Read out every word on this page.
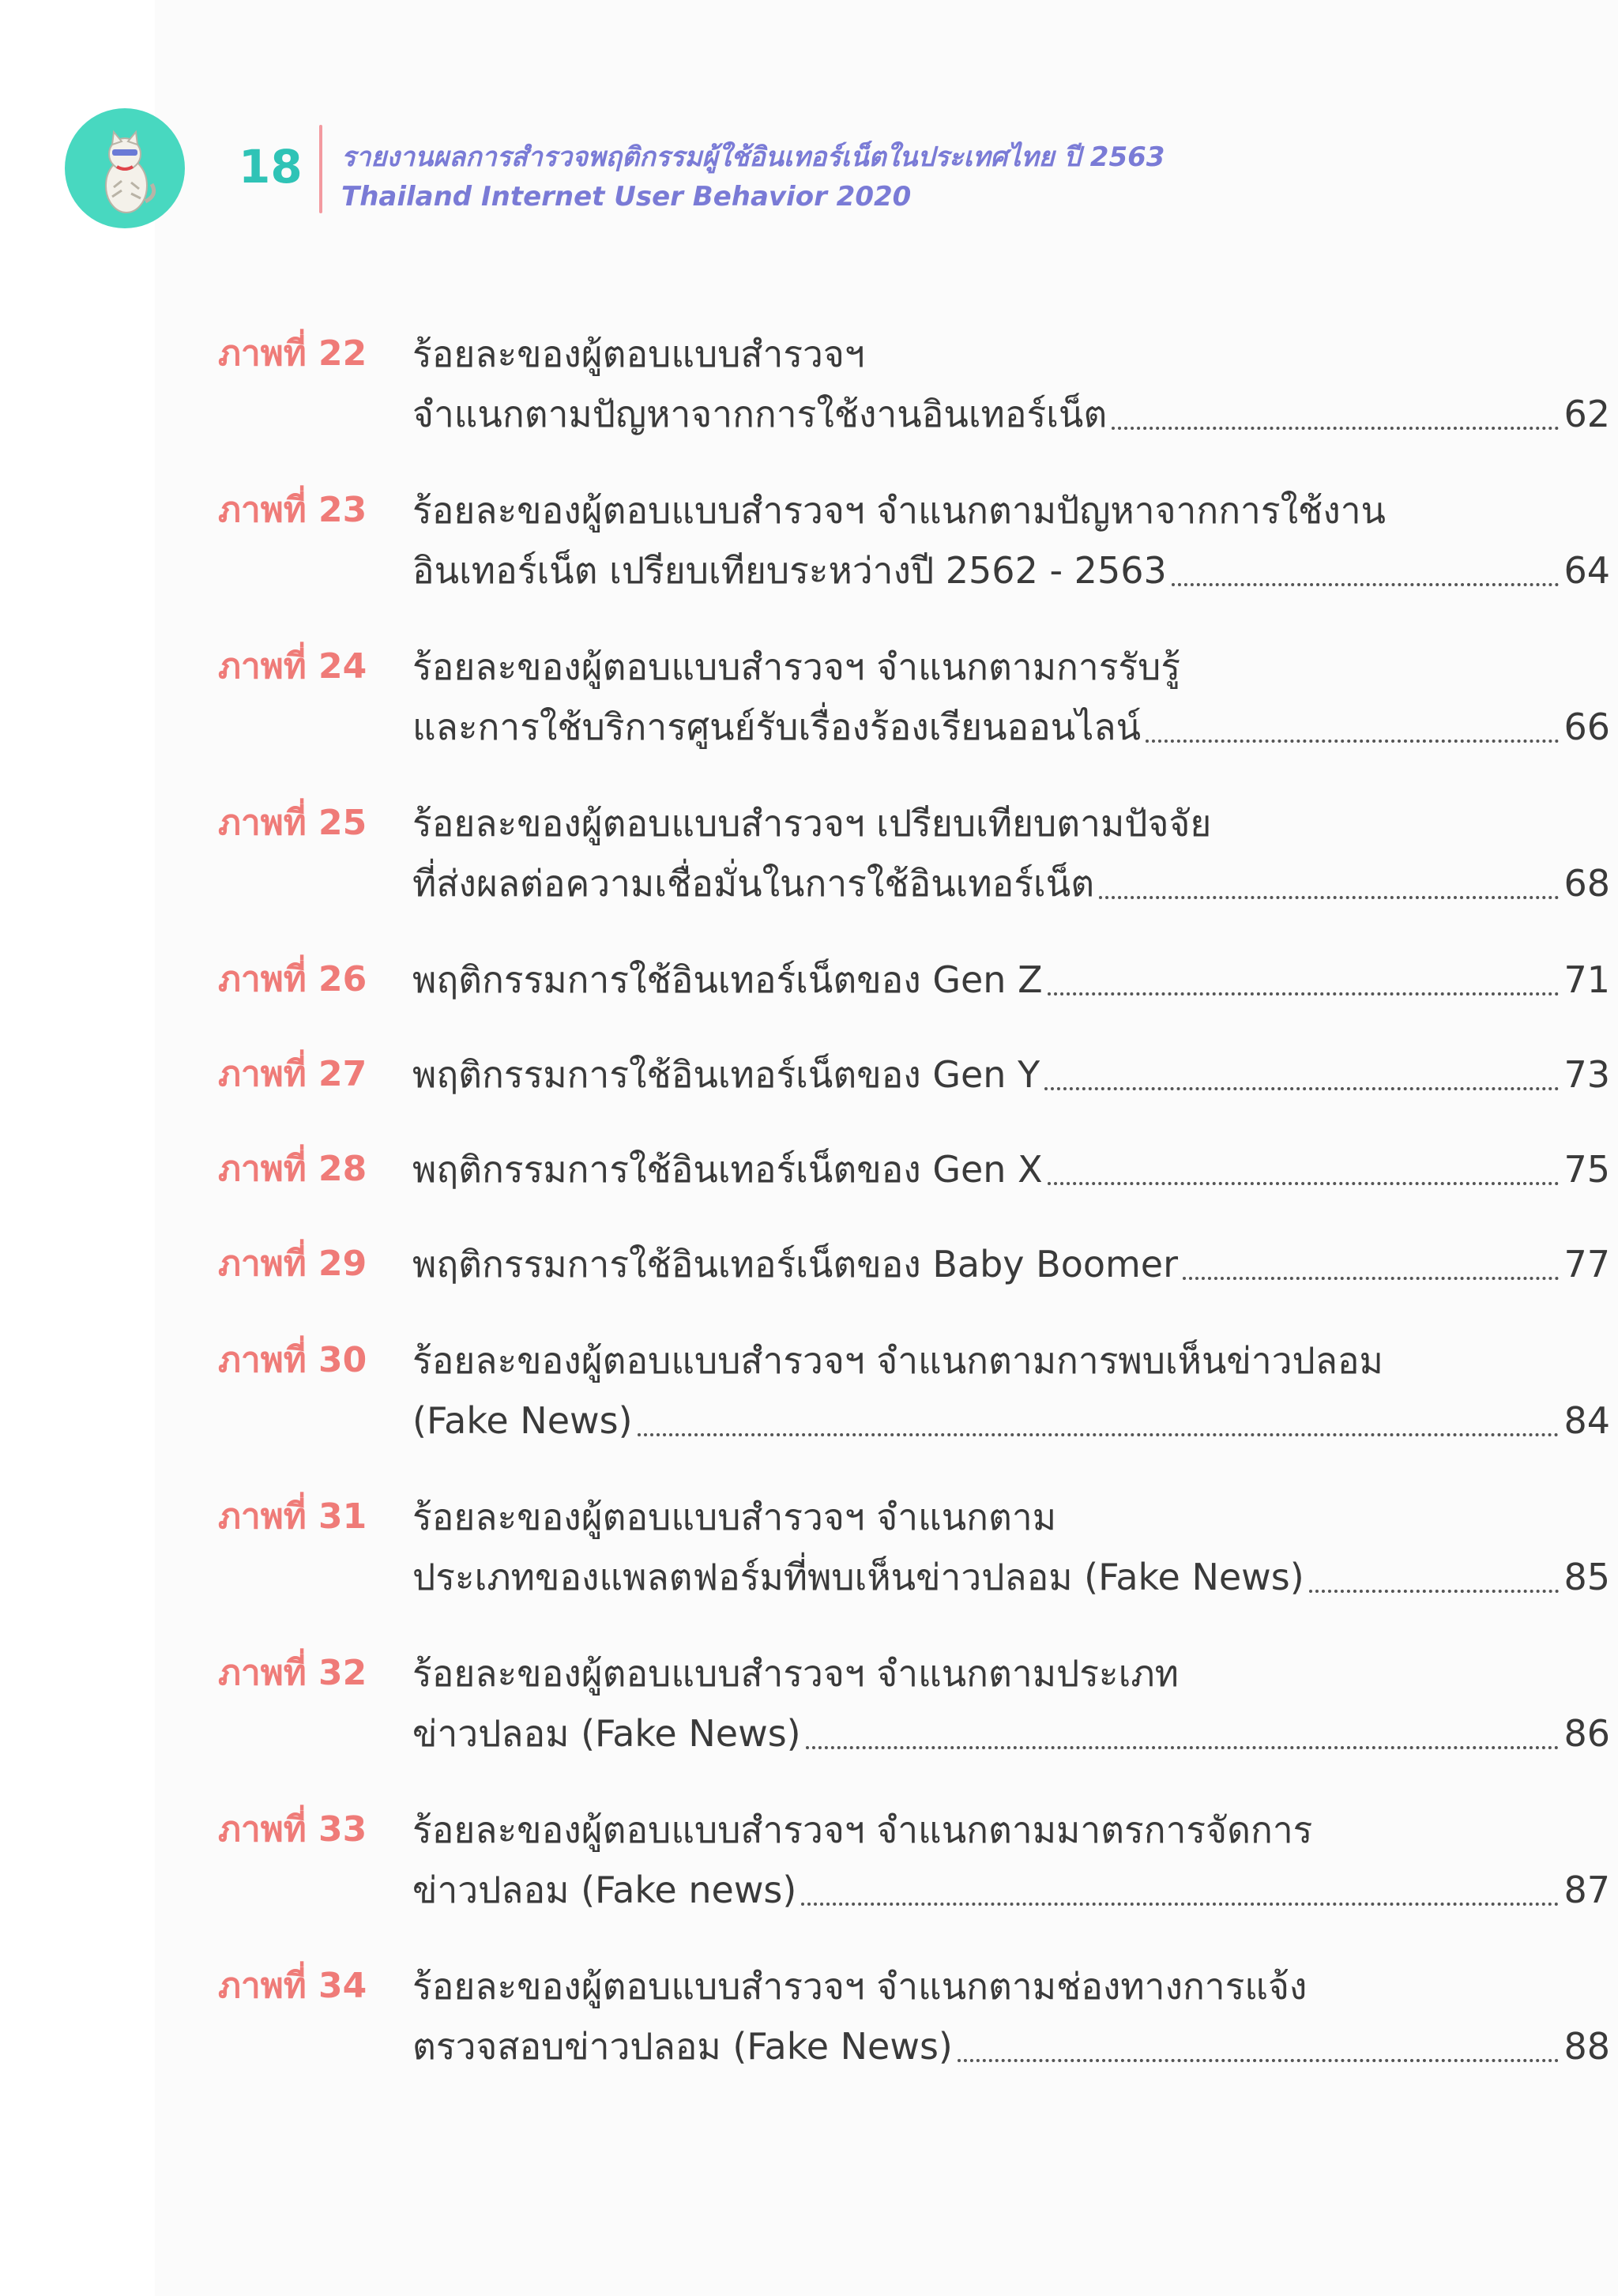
18 รายงานผลการสำรวจพฤติกรรมผู้ใช้อินเทอร์เน็ตในประเทศไทย ปี 2563
Thailand Internet User Behavior 2020
ภาพที่ 22	ร้อยละของผู้ตอบแบบสำรวจฯ
จำแนกตามปัญหาจากการใช้งานอินเทอร์เน็ต	62
ภาพที่ 23	ร้อยละของผู้ตอบแบบสำรวจฯ จำแนกตามปัญหาจากการใช้งาน
อินเทอร์เน็ต เปรียบเทียบระหว่างปี 2562 - 2563	64
ภาพที่ 24	ร้อยละของผู้ตอบแบบสำรวจฯ จำแนกตามการรับรู้
และการใช้บริการศูนย์รับเรื่องร้องเรียนออนไลน์	66
ภาพที่ 25	ร้อยละของผู้ตอบแบบสำรวจฯ เปรียบเทียบตามปัจจัย
ที่ส่งผลต่อความเชื่อมั่นในการใช้อินเทอร์เน็ต	68
ภาพที่ 26	พฤติกรรมการใช้อินเทอร์เน็ตของ Gen Z	71
ภาพที่ 27	พฤติกรรมการใช้อินเทอร์เน็ตของ Gen Y	73
ภาพที่ 28	พฤติกรรมการใช้อินเทอร์เน็ตของ Gen X	75
ภาพที่ 29	พฤติกรรมการใช้อินเทอร์เน็ตของ Baby Boomer	77
ภาพที่ 30	ร้อยละของผู้ตอบแบบสำรวจฯ จำแนกตามการพบเห็นข่าวปลอม
(Fake News)	84
ภาพที่ 31	ร้อยละของผู้ตอบแบบสำรวจฯ จำแนกตาม
ประเภทของแพลตฟอร์มที่พบเห็นข่าวปลอม (Fake News)	85
ภาพที่ 32	ร้อยละของผู้ตอบแบบสำรวจฯ จำแนกตามประเภท
ข่าวปลอม (Fake News)	86
ภาพที่ 33	ร้อยละของผู้ตอบแบบสำรวจฯ จำแนกตามมาตรการจัดการ
ข่าวปลอม (Fake news)	87
ภาพที่ 34	ร้อยละของผู้ตอบแบบสำรวจฯ จำแนกตามช่องทางการแจ้ง
ตรวจสอบข่าวปลอม (Fake News)	88
